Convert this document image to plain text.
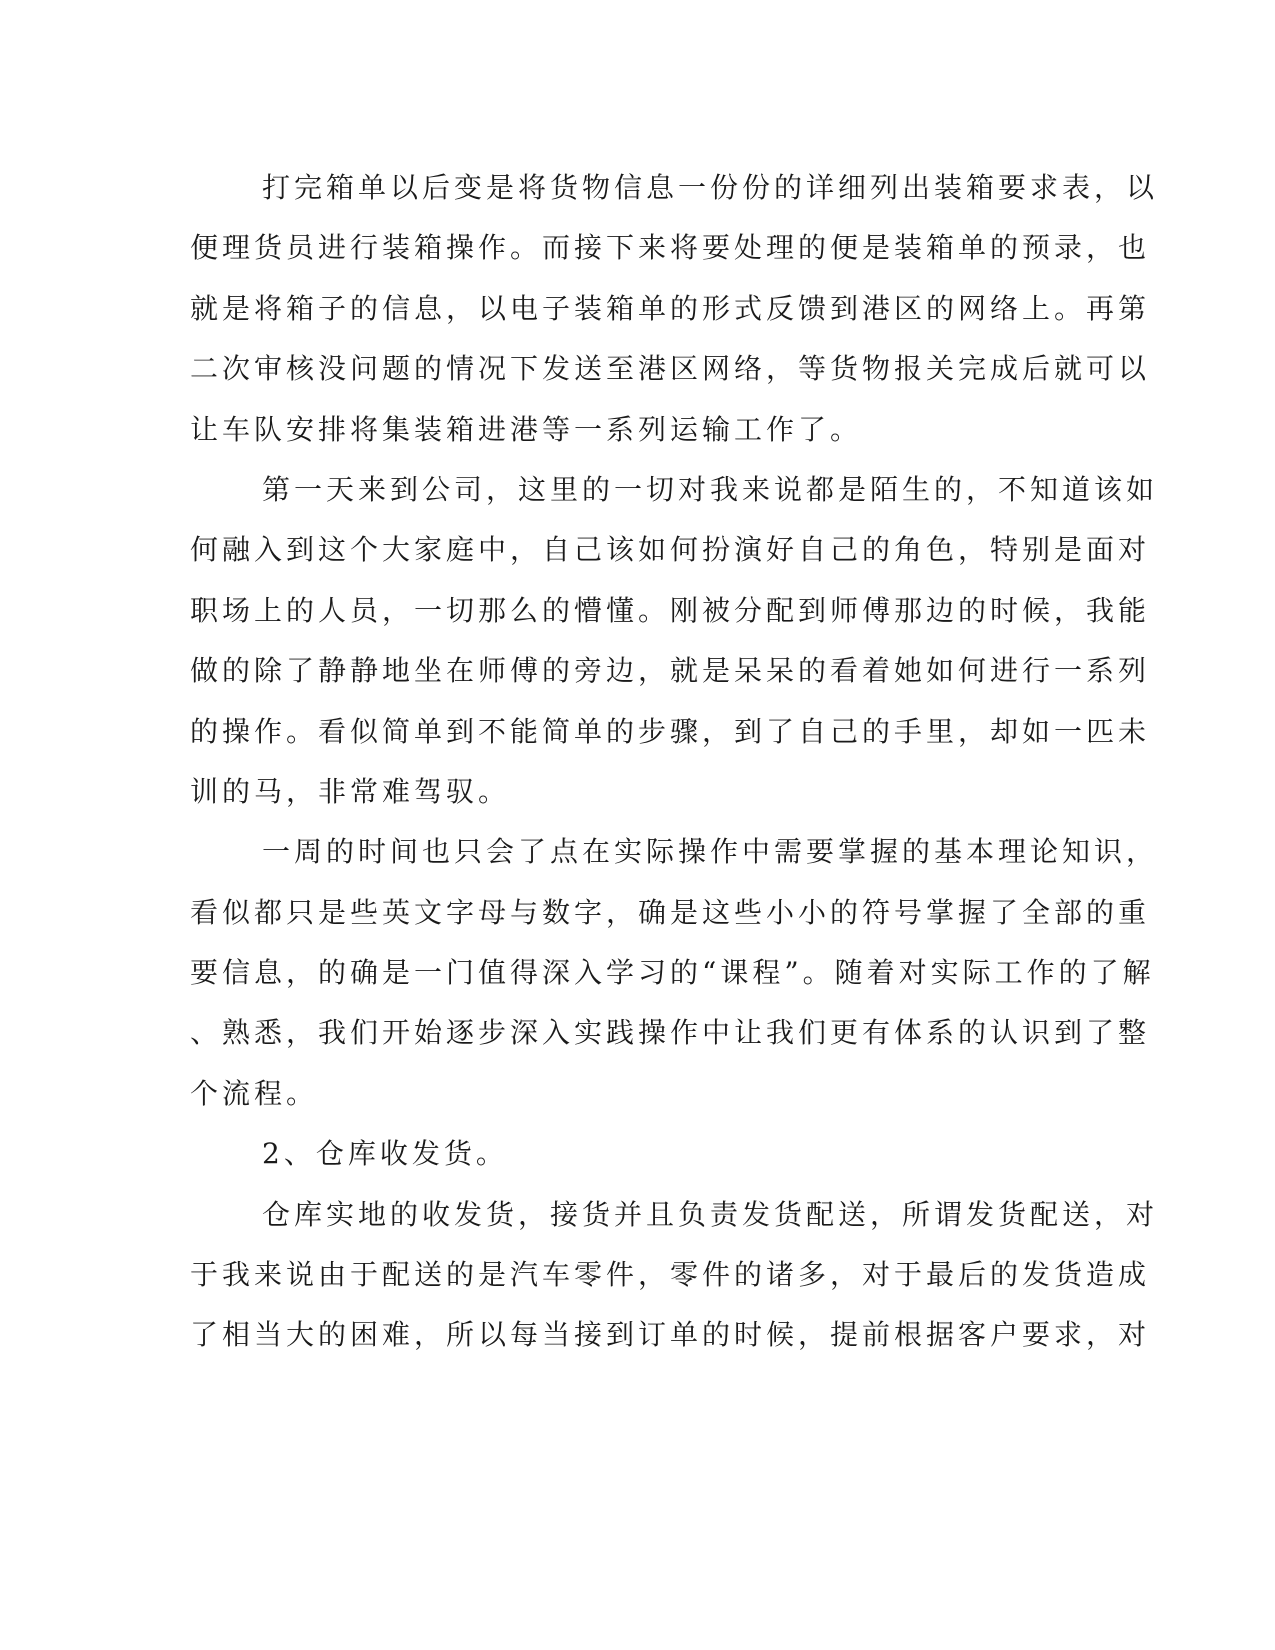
打完箱单以后变是将货物信息一份份的详细列出装箱要求表，以
便理货员进行装箱操作。而接下来将要处理的便是装箱单的预录，也
就是将箱子的信息，以电子装箱单的形式反馈到港区的网络上。再第
二次审核没问题的情况下发送至港区网络，等货物报关完成后就可以
让车队安排将集装箱进港等一系列运输工作了。
第一天来到公司，这里的一切对我来说都是陌生的，不知道该如
何融入到这个大家庭中，自己该如何扮演好自己的角色，特别是面对
职场上的人员，一切那么的懵懂。刚被分配到师傅那边的时候，我能
做的除了静静地坐在师傅的旁边，就是呆呆的看着她如何进行一系列
的操作。看似简单到不能简单的步骤，到了自己的手里，却如一匹未
训的马，非常难驾驭。
一周的时间也只会了点在实际操作中需要掌握的基本理论知识，
看似都只是些英文字母与数字，确是这些小小的符号掌握了全部的重
要信息，的确是一门值得深入学习的“课程”。随着对实际工作的了解
、熟悉，我们开始逐步深入实践操作中让我们更有体系的认识到了整
个流程。
2、仓库收发货。
仓库实地的收发货，接货并且负责发货配送，所谓发货配送，对
于我来说由于配送的是汽车零件，零件的诸多，对于最后的发货造成
了相当大的困难，所以每当接到订单的时候，提前根据客户要求，对
